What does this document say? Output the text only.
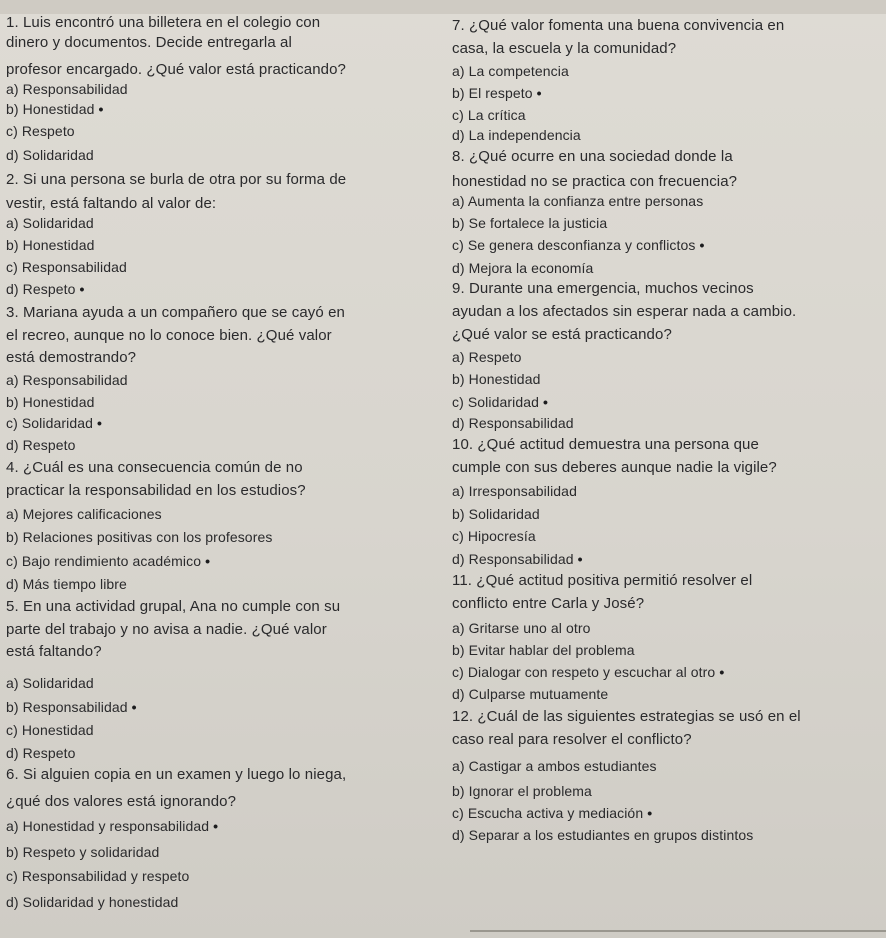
1. Luis encontró una billetera en el colegio con
dinero y documentos. Decide entregarla al
profesor encargado. ¿Qué valor está practicando?
a) Responsabilidad
b) Honestidad •
c) Respeto
d) Solidaridad
2. Si una persona se burla de otra por su forma de
vestir, está faltando al valor de:
a) Solidaridad
b) Honestidad
c) Responsabilidad
d) Respeto •
3. Mariana ayuda a un compañero que se cayó en
el recreo, aunque no lo conoce bien. ¿Qué valor
está demostrando?
a) Responsabilidad
b) Honestidad
c) Solidaridad •
d) Respeto
4. ¿Cuál es una consecuencia común de no
practicar la responsabilidad en los estudios?
a) Mejores calificaciones
b) Relaciones positivas con los profesores
c) Bajo rendimiento académico •
d) Más tiempo libre
5. En una actividad grupal, Ana no cumple con su
parte del trabajo y no avisa a nadie. ¿Qué valor
está faltando?
a) Solidaridad
b) Responsabilidad •
c) Honestidad
d) Respeto
6. Si alguien copia en un examen y luego lo niega,
¿qué dos valores está ignorando?
a) Honestidad y responsabilidad •
b) Respeto y solidaridad
c) Responsabilidad y respeto
d) Solidaridad y honestidad
7. ¿Qué valor fomenta una buena convivencia en
casa, la escuela y la comunidad?
a) La competencia
b) El respeto •
c) La crítica
d) La independencia
8. ¿Qué ocurre en una sociedad donde la
honestidad no se practica con frecuencia?
a) Aumenta la confianza entre personas
b) Se fortalece la justicia
c) Se genera desconfianza y conflictos •
d) Mejora la economía
9. Durante una emergencia, muchos vecinos
ayudan a los afectados sin esperar nada a cambio.
¿Qué valor se está practicando?
a) Respeto
b) Honestidad
c) Solidaridad •
d) Responsabilidad
10. ¿Qué actitud demuestra una persona que
cumple con sus deberes aunque nadie la vigile?
a) Irresponsabilidad
b) Solidaridad
c) Hipocresía
d) Responsabilidad •
11. ¿Qué actitud positiva permitió resolver el
conflicto entre Carla y José?
a) Gritarse uno al otro
b) Evitar hablar del problema
c) Dialogar con respeto y escuchar al otro •
d) Culparse mutuamente
12. ¿Cuál de las siguientes estrategias se usó en el
caso real para resolver el conflicto?
a) Castigar a ambos estudiantes
b) Ignorar el problema
c) Escucha activa y mediación •
d) Separar a los estudiantes en grupos distintos
